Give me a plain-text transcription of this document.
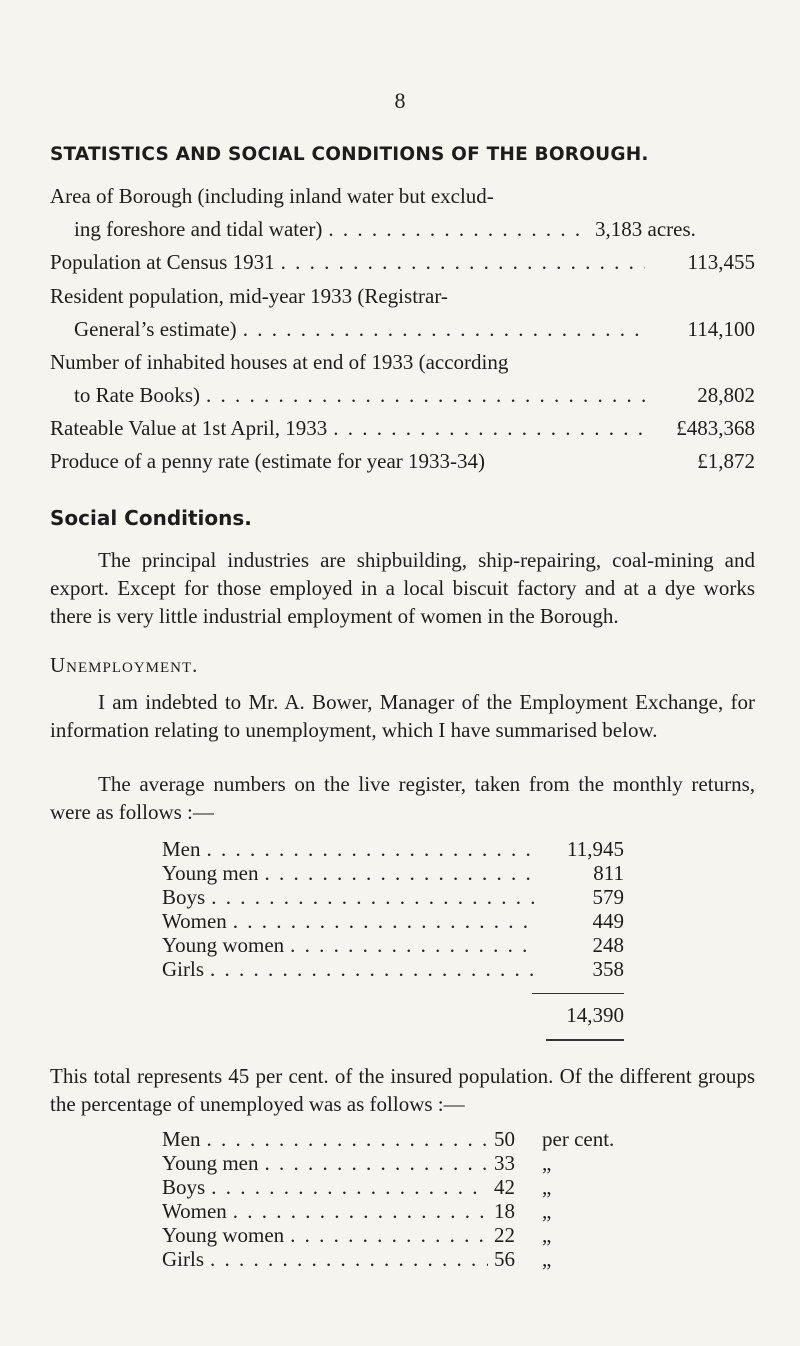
8
STATISTICS AND SOCIAL CONDITIONS OF THE BOROUGH.
Area of Borough (including inland water but exclud-
ing foreshore and tidal water) . . .	3,183 acres.
Population at Census 1931 . . .	113,455
Resident population, mid-year 1933 (Registrar-
General’s estimate) . . .	114,100
Number of inhabited houses at end of 1933 (according
to Rate Books) . . .	28,802
Rateable Value at 1st April, 1933 . . .	£483,368
Produce of a penny rate (estimate for year 1933-34)	£1,872
Social Conditions.
The principal industries are shipbuilding, ship-repairing, coal-mining and export. Except for those employed in a local biscuit factory and at a dye works there is very little industrial employment of women in the Borough.
Unemployment.
I am indebted to Mr. A. Bower, Manager of the Employment Exchange, for information relating to unemployment, which I have summarised below.
The average numbers on the live register, taken from the monthly returns, were as follows :—
Men . . .	11,945
Young men . . .	811
Boys . . .	579
Women . . .	449
Young women . . .	248
Girls . . .	358
14,390
This total represents 45 per cent. of the insured population. Of the different groups the percentage of unemployed was as follows :—
Men . . .	50	per cent.
Young men . . .	33	„
Boys . . .	42	„
Women . . .	18	„
Young women . . .	22	„
Girls . . .	56	„
